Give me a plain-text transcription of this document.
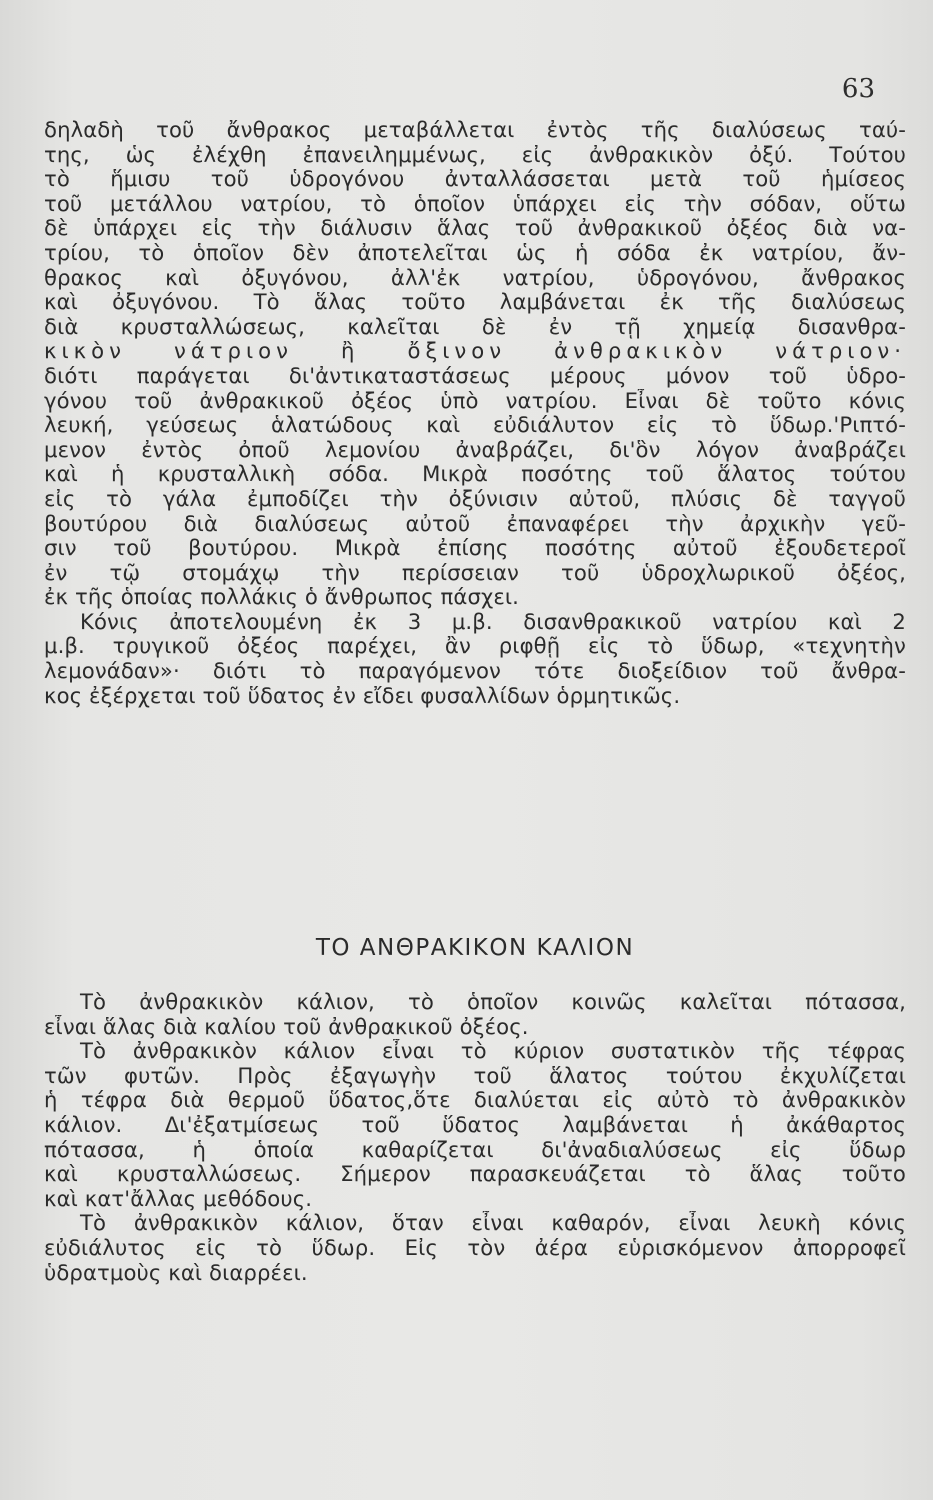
63
δηλαδὴ τοῦ ἄνθρακος μεταβάλλεται ἐντὸς τῆς διαλύσεως ταύ-
της, ὡς ἐλέχθη ἐπανειλημμένως, εἰς ἀνθρακικὸν ὀξύ. Τούτου
τὸ ἥμισυ τοῦ ὑδρογόνου ἀνταλλάσσεται μετὰ τοῦ ἡμίσεος
τοῦ μετάλλου νατρίου, τὸ ὁποῖον ὑπάρχει εἰς τὴν σόδαν, οὕτω
δὲ ὑπάρχει εἰς τὴν διάλυσιν ἅλας τοῦ ἀνθρακικοῦ ὀξέος διὰ να-
τρίου, τὸ ὁποῖον δὲν ἀποτελεῖται ὡς ἡ σόδα ἐκ νατρίου, ἄν-
θρακος καὶ ὀξυγόνου, ἀλλ'ἐκ νατρίου, ὑδρογόνου, ἄνθρακος
καὶ ὀξυγόνου. Τὸ ἅλας τοῦτο λαμβάνεται ἐκ τῆς διαλύσεως
διὰ κρυσταλλώσεως, καλεῖται δὲ ἐν τῇ χημείᾳ δισανθρα-
κικὸν νάτριον ἢ ὄξινον ἀνθρακικὸν νάτριον·
διότι παράγεται δι'ἀντικαταστάσεως μέρους μόνον τοῦ ὑδρο-
γόνου τοῦ ἀνθρακικοῦ ὀξέος ὑπὸ νατρίου. Εἶναι δὲ τοῦτο κόνις
λευκή, γεύσεως ἁλατώδους καὶ εὐδιάλυτον εἰς τὸ ὕδωρ.'Ριπτό-
μενον ἐντὸς ὀποῦ λεμονίου ἀναβράζει, δι'ὃν λόγον ἀναβράζει
καὶ ἡ κρυσταλλικὴ σόδα. Μικρὰ ποσότης τοῦ ἅλατος τούτου
εἰς τὸ γάλα ἐμποδίζει τὴν ὀξύνισιν αὐτοῦ, πλύσις δὲ ταγγοῦ
βουτύρου διὰ διαλύσεως αὐτοῦ ἐπαναφέρει τὴν ἀρχικὴν γεῦ-
σιν τοῦ βουτύρου. Μικρὰ ἐπίσης ποσότης αὐτοῦ ἐξουδετεροῖ
ἐν τῷ στομάχῳ τὴν περίσσειαν τοῦ ὑδροχλωρικοῦ ὀξέος,
ἐκ τῆς ὁποίας πολλάκις ὁ ἄνθρωπος πάσχει.
Κόνις ἀποτελουμένη ἐκ 3 μ.β. δισανθρακικοῦ νατρίου καὶ 2
μ.β. τρυγικοῦ ὀξέος παρέχει, ἂν ριφθῇ εἰς τὸ ὕδωρ, «τεχνητὴν
λεμονάδαν»· διότι τὸ παραγόμενον τότε διοξείδιον τοῦ ἄνθρα-
κος ἐξέρχεται τοῦ ὕδατος ἐν εἴδει φυσαλλίδων ὁρμητικῶς.
ΤΟ ΑΝΘΡΑΚΙΚΟΝ ΚΑΛΙΟΝ
Τὸ ἀνθρακικὸν κάλιον, τὸ ὁποῖον κοινῶς καλεῖται πότασσα,
εἶναι ἅλας διὰ καλίου τοῦ ἀνθρακικοῦ ὀξέος.
Τὸ ἀνθρακικὸν κάλιον εἶναι τὸ κύριον συστατικὸν τῆς τέφρας
τῶν φυτῶν. Πρὸς ἐξαγωγὴν τοῦ ἅλατος τούτου ἐκχυλίζεται
ἡ τέφρα διὰ θερμοῦ ὕδατος,ὅτε διαλύεται εἰς αὐτὸ τὸ ἀνθρακικὸν
κάλιον. Δι'ἐξατμίσεως τοῦ ὕδατος λαμβάνεται ἡ ἀκάθαρτος
πότασσα, ἡ ὁποία καθαρίζεται δι'ἀναδιαλύσεως εἰς ὕδωρ
καὶ κρυσταλλώσεως. Σήμερον παρασκευάζεται τὸ ἅλας τοῦτο
καὶ κατ'ἄλλας μεθόδους.
Τὸ ἀνθρακικὸν κάλιον, ὅταν εἶναι καθαρόν, εἶναι λευκὴ κόνις
εὐδιάλυτος εἰς τὸ ὕδωρ. Εἰς τὸν ἀέρα εὑρισκόμενον ἀπορροφεῖ
ὑδρατμοὺς καὶ διαρρέει.
